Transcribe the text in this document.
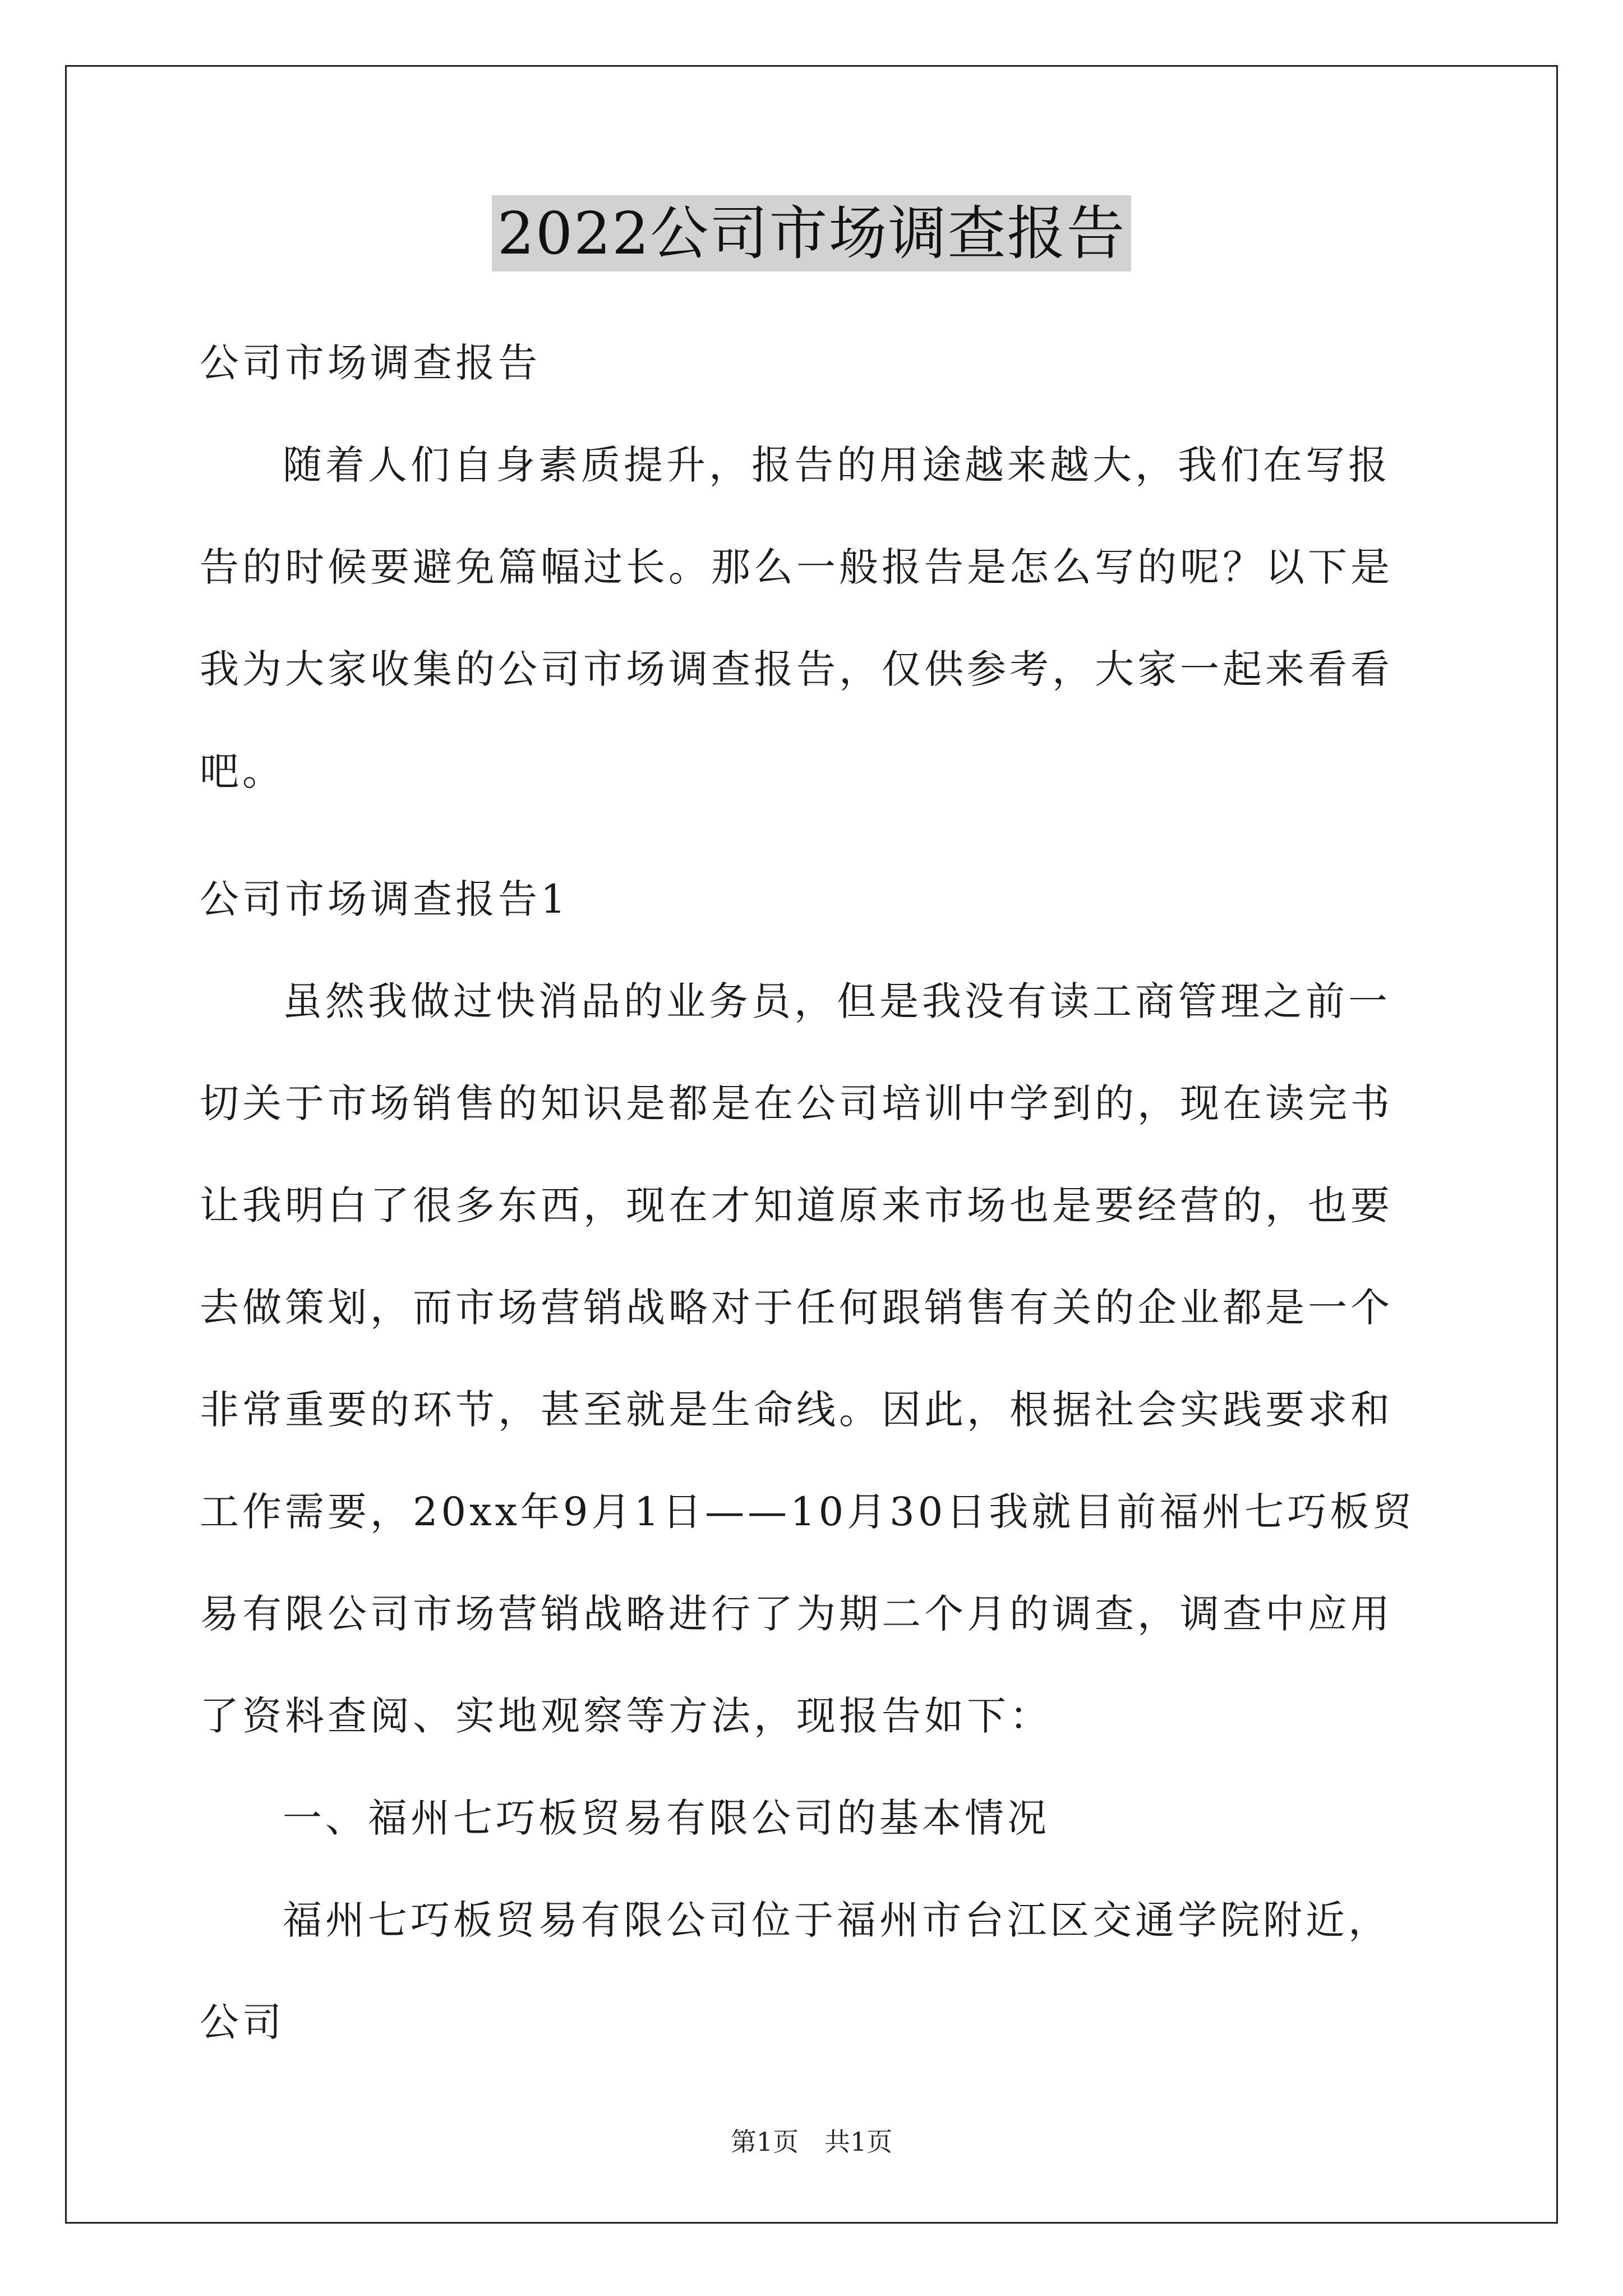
2022公司市场调查报告

公司市场调查报告

随着人们自身素质提升，报告的用途越来越大，我们在写报告的时候要避免篇幅过长。那么一般报告是怎么写的呢？以下是我为大家收集的公司市场调查报告，仅供参考，大家一起来看看吧。

公司市场调查报告1

虽然我做过快消品的业务员，但是我没有读工商管理之前一切关于市场销售的知识是都是在公司培训中学到的，现在读完书让我明白了很多东西，现在才知道原来市场也是要经营的，也要去做策划，而市场营销战略对于任何跟销售有关的企业都是一个非常重要的环节，甚至就是生命线。因此，根据社会实践要求和工作需要，20xx年9月1日——10月30日我就目前福州七巧板贸易有限公司市场营销战略进行了为期二个月的调查，调查中应用了资料查阅、实地观察等方法，现报告如下：

一、福州七巧板贸易有限公司的基本情况

福州七巧板贸易有限公司位于福州市台江区交通学院附近，公司

第1页　共1页
